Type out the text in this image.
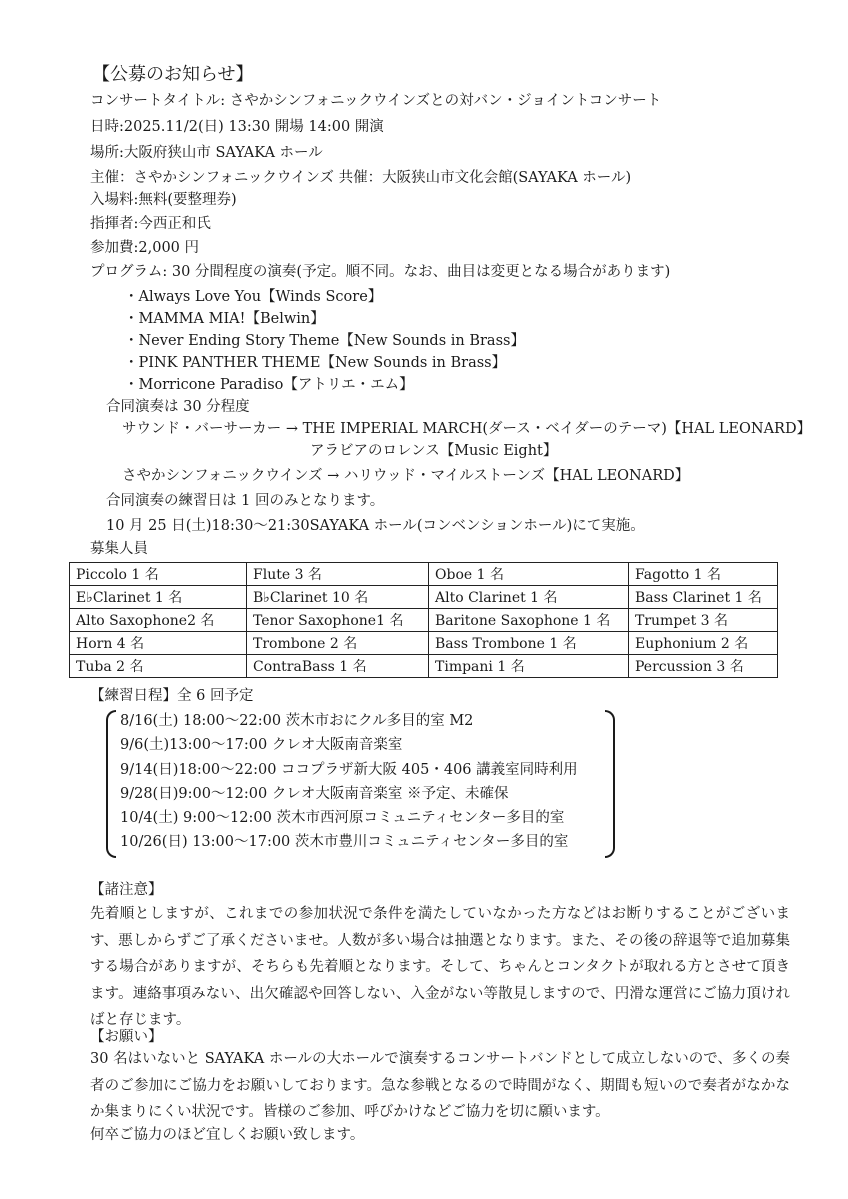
【公募のお知らせ】
コンサートタイトル: さやかシンフォニックウインズとの対バン・ジョイントコンサート
日時:2025.11/2(日) 13:30 開場 14:00 開演
場所:大阪府狭山市 SAYAKA ホール
主催：さやかシンフォニックウインズ 共催：大阪狭山市文化会館(SAYAKA ホール)
入場料:無料(要整理券)
指揮者:今西正和氏
参加費:2,000 円
プログラム: 30 分間程度の演奏(予定。順不同。なお、曲目は変更となる場合があります)
・Always Love You【Winds Score】
・MAMMA MIA!【Belwin】
・Never Ending Story Theme【New Sounds in Brass】
・PINK PANTHER THEME【New Sounds in Brass】
・Morricone Paradiso【アトリエ・エム】
合同演奏は 30 分程度
サウンド・バーサーカー → THE IMPERIAL MARCH(ダース・ベイダーのテーマ)【HAL LEONARD】
アラビアのロレンス【Music Eight】
さやかシンフォニックウインズ → ハリウッド・マイルストーンズ【HAL LEONARD】
合同演奏の練習日は 1 回のみとなります。
10 月 25 日(土)18:30～21:30SAYAKA ホール(コンベンションホール)にて実施。
募集人員
Piccolo 1 名	Flute 3 名	Oboe 1 名	Fagotto 1 名
E♭Clarinet 1 名	B♭Clarinet 10 名	Alto Clarinet 1 名	Bass Clarinet 1 名
Alto Saxophone2 名	Tenor Saxophone1 名	Baritone Saxophone 1 名	Trumpet 3 名
Horn 4 名	Trombone 2 名	Bass Trombone 1 名	Euphonium 2 名
Tuba 2 名	ContraBass 1 名	Timpani 1 名	Percussion 3 名
【練習日程】全 6 回予定
8/16(土) 18:00～22:00 茨木市おにクル多目的室 M2
9/6(土)13:00～17:00 クレオ大阪南音楽室
9/14(日)18:00～22:00 ココプラザ新大阪 405・406 講義室同時利用
9/28(日)9:00～12:00 クレオ大阪南音楽室 ※予定、未確保
10/4(土) 9:00～12:00 茨木市西河原コミュニティセンター多目的室
10/26(日) 13:00～17:00 茨木市豊川コミュニティセンター多目的室
【諸注意】
先着順としますが、これまでの参加状況で条件を満たしていなかった方などはお断りすることがございます、悪しからずご了承くださいませ。人数が多い場合は抽選となります。また、その後の辞退等で追加募集する場合がありますが、そちらも先着順となります。そして、ちゃんとコンタクトが取れる方とさせて頂きます。連絡事項みない、出欠確認や回答しない、入金がない等散見しますので、円滑な運営にご協力頂ければと存じます。
【お願い】
30 名はいないと SAYAKA ホールの大ホールで演奏するコンサートバンドとして成立しないので、多くの奏者のご参加にご協力をお願いしております。急な参戦となるので時間がなく、期間も短いので奏者がなかなか集まりにくい状況です。皆様のご参加、呼びかけなどご協力を切に願います。
何卒ご協力のほど宜しくお願い致します。
